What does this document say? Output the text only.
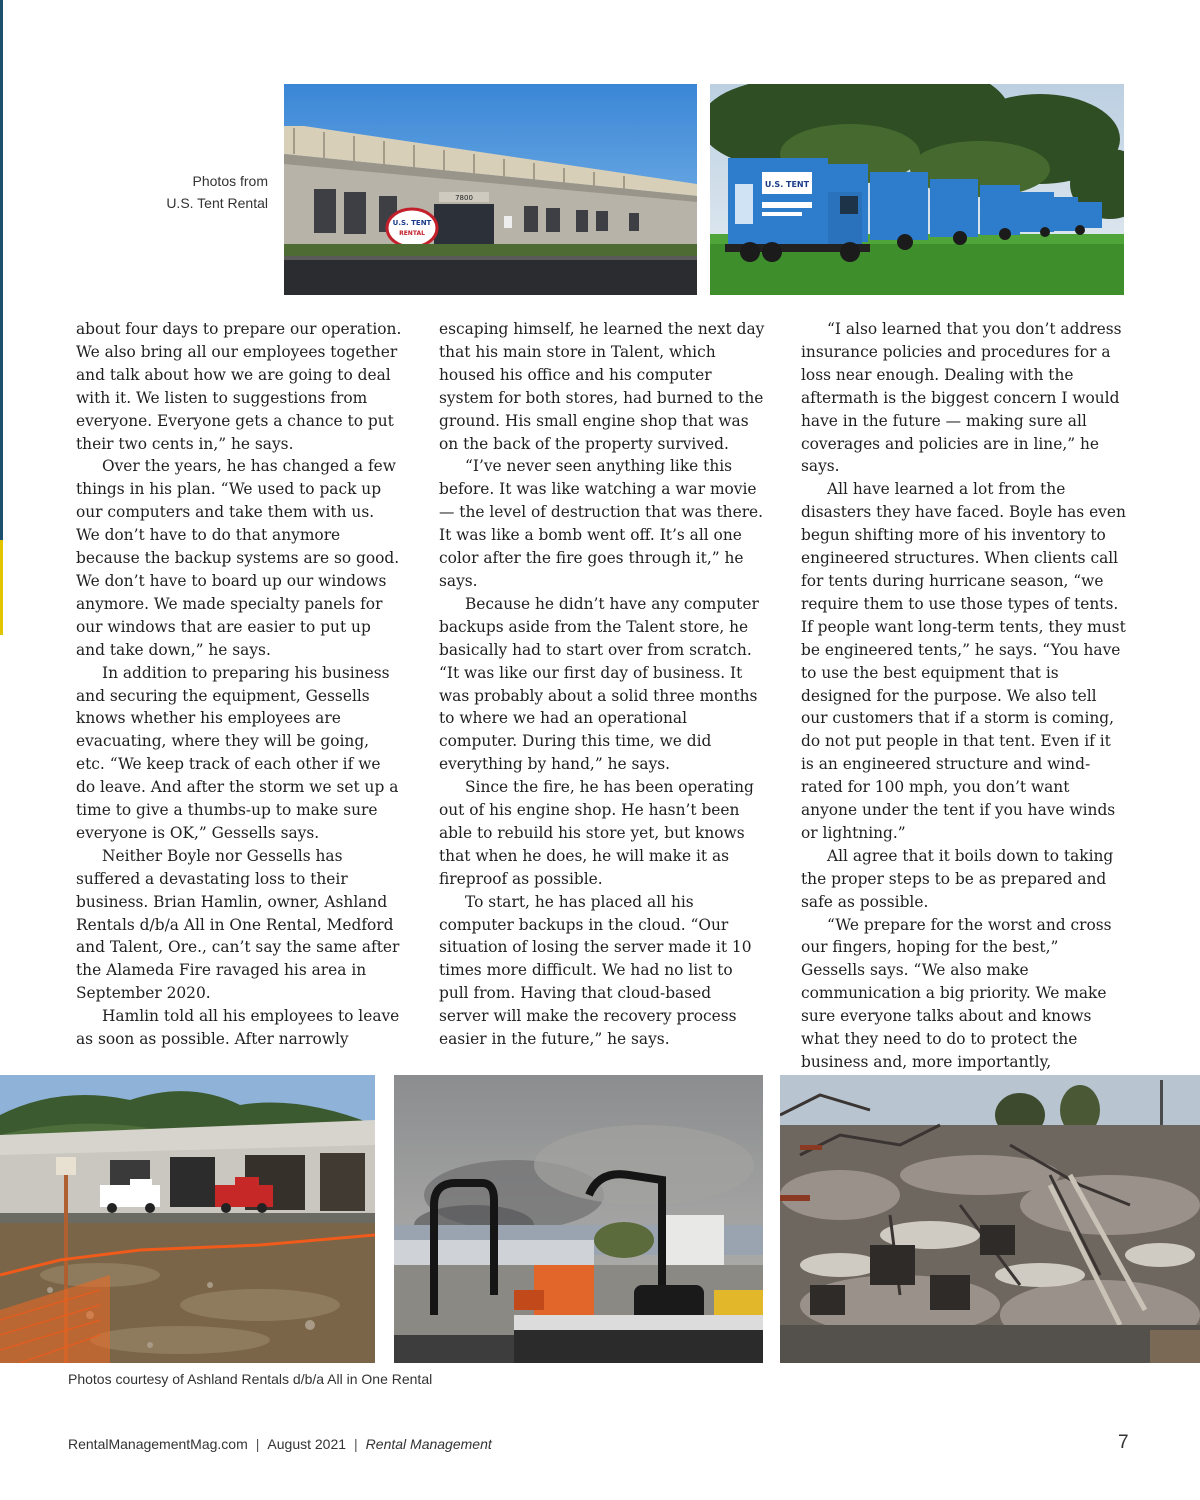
Photos from
U.S. Tent Rental	7800
U.S. TENT
RENTAL
U.S. TENT

about four days to prepare our operation. We also bring all our employees together and talk about how we are going to deal with it. We listen to suggestions from everyone. Everyone gets a chance to put their two cents in,” he says.

Over the years, he has changed a few things in his plan. “We used to pack up our computers and take them with us. We don’t have to do that anymore because the backup systems are so good. We don’t have to board up our windows anymore. We made specialty panels for our windows that are easier to put up and take down,” he says.

In addition to preparing his business and securing the equipment, Gessells knows whether his employees are evacuating, where they will be going, etc. “We keep track of each other if we do leave. And after the storm we set up a time to give a thumbs-up to make sure everyone is OK,” Gessells says.

Neither Boyle nor Gessells has suffered a devastating loss to their business. Brian Hamlin, owner, Ashland Rentals d/b/a All in One Rental, Medford and Talent, Ore., can’t say the same after the Alameda Fire ravaged his area in September 2020.

Hamlin told all his employees to leave as soon as possible. After narrowly

escaping himself, he learned the next day that his main store in Talent, which housed his office and his computer system for both stores, had burned to the ground. His small engine shop that was on the back of the property survived.

“I’ve never seen anything like this before. It was like watching a war movie — the level of destruction that was there. It was like a bomb went off. It’s all one color after the fire goes through it,” he says.

Because he didn’t have any computer backups aside from the Talent store, he basically had to start over from scratch. “It was like our first day of business. It was probably about a solid three months to where we had an operational computer. During this time, we did everything by hand,” he says.

Since the fire, he has been operating out of his engine shop. He hasn’t been able to rebuild his store yet, but knows that when he does, he will make it as fireproof as possible.

To start, he has placed all his computer backups in the cloud. “Our situation of losing the server made it 10 times more difficult. We had no list to pull from. Having that cloud-based server will make the recovery process easier in the future,” he says.

“I also learned that you don’t address insurance policies and procedures for a loss near enough. Dealing with the aftermath is the biggest concern I would have in the future — making sure all coverages and policies are in line,” he says.

All have learned a lot from the disasters they have faced. Boyle has even begun shifting more of his inventory to engineered structures. When clients call for tents during hurricane season, “we require them to use those types of tents. If people want long-term tents, they must be engineered tents,” he says. “You have to use the best equipment that is designed for the purpose. We also tell our customers that if a storm is coming, do not put people in that tent. Even if it is an engineered structure and wind-rated for 100 mph, you don’t want anyone under the tent if you have winds or lightning.”

All agree that it boils down to taking the proper steps to be as prepared and safe as possible.

“We prepare for the worst and cross our fingers, hoping for the best,” Gessells says. “We also make communication a big priority. We make sure everyone talks about and knows what they need to do to protect the business and, more importantly,

Photos courtesy of Ashland Rentals d/b/a All in One Rental
RentalManagementMag.com | August 2021 | Rental Management	7
